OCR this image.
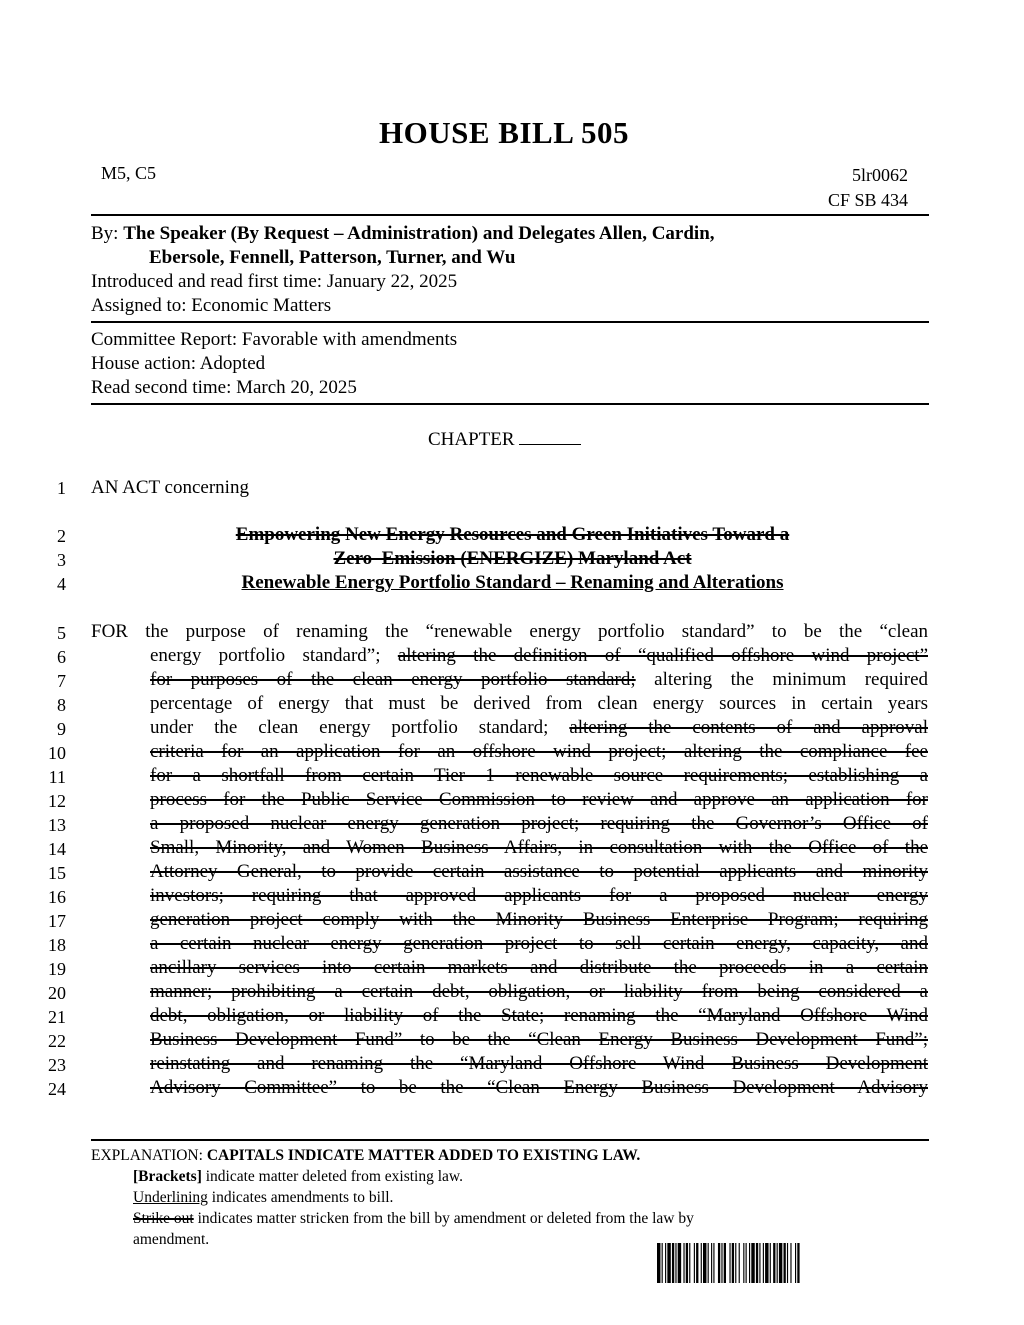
HOUSE BILL 505
M5, C5	5lr0062
CF SB 434
By: The Speaker (By Request – Administration) and Delegates Allen, Cardin,
Ebersole, Fennell, Patterson, Turner, and Wu
Introduced and read first time: January 22, 2025
Assigned to: Economic Matters
Committee Report: Favorable with amendments
House action: Adopted
Read second time: March 20, 2025
CHAPTER
1 AN ACT concerning
2	Empowering New Energy Resources and Green Initiatives Toward a
3	Zero–Emission (ENERGIZE) Maryland Act
4	Renewable Energy Portfolio Standard – Renaming and Alterations
5 FOR the purpose of renaming the “renewable energy portfolio standard” to be the “clean
6	energy portfolio standard”; altering the definition of “qualified offshore wind project”
7	for purposes of the clean energy portfolio standard; altering the minimum required
8	percentage of energy that must be derived from clean energy sources in certain years
9	under the clean energy portfolio standard; altering the contents of and approval
10	criteria for an application for an offshore wind project; altering the compliance fee
11	for a shortfall from certain Tier 1 renewable source requirements; establishing a
12	process for the Public Service Commission to review and approve an application for
13	a proposed nuclear energy generation project; requiring the Governor’s Office of
14	Small, Minority, and Women Business Affairs, in consultation with the Office of the
15	Attorney General, to provide certain assistance to potential applicants and minority
16	investors; requiring that approved applicants for a proposed nuclear energy
17	generation project comply with the Minority Business Enterprise Program; requiring
18	a certain nuclear energy generation project to sell certain energy, capacity, and
19	ancillary services into certain markets and distribute the proceeds in a certain
20	manner; prohibiting a certain debt, obligation, or liability from being considered a
21	debt, obligation, or liability of the State; renaming the “Maryland Offshore Wind
22	Business Development Fund” to be the “Clean Energy Business Development Fund”;
23	reinstating and renaming the “Maryland Offshore Wind Business Development
24	Advisory Committee” to be the “Clean Energy Business Development Advisory
EXPLANATION: CAPITALS INDICATE MATTER ADDED TO EXISTING LAW.
[Brackets] indicate matter deleted from existing law.
Underlining indicates amendments to bill.
Strike out indicates matter stricken from the bill by amendment or deleted from the law by
amendment.
